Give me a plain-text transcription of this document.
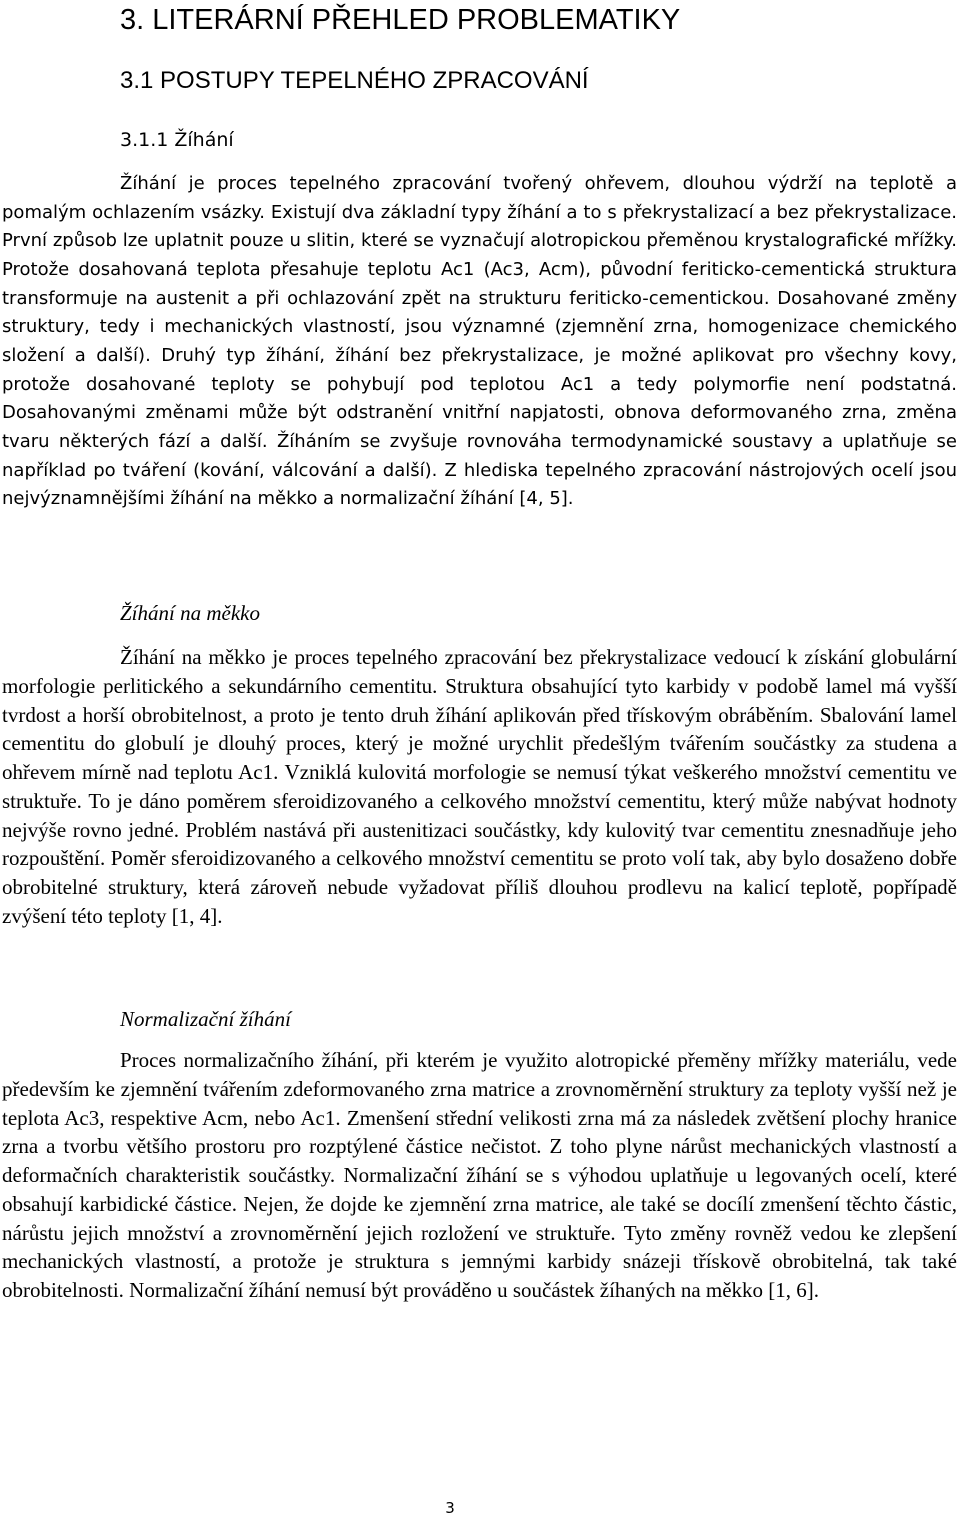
3. LITERÁRNÍ PŘEHLED PROBLEMATIKY
3.1 POSTUPY TEPELNÉHO ZPRACOVÁNÍ
3.1.1 Žíhání

Žíhání je proces tepelného zpracování tvořený ohřevem, dlouhou výdrží na teplotě a pomalým ochlazením vsázky. Existují dva základní typy žíhání a to s překrystalizací a bez překrystalizace. První způsob lze uplatnit pouze u slitin, které se vyznačují alotropickou přeměnou krystalografické mřížky. Protože dosahovaná teplota přesahuje teplotu Ac1 (Ac3, Acm), původní feriticko-cementická struktura transformuje na austenit a při ochlazování zpět na strukturu feriticko-cementickou. Dosahované změny struktury, tedy i mechanických vlastností, jsou významné (zjemnění zrna, homogenizace chemického složení a další). Druhý typ žíhání, žíhání bez překrystalizace, je možné aplikovat pro všechny kovy, protože dosahované teploty se pohybují pod teplotou Ac1 a tedy polymorfie není podstatná. Dosahovanými změnami může být odstranění vnitřní napjatosti, obnova deformovaného zrna, změna tvaru některých fází a další. Žíháním se zvyšuje rovnováha termodynamické soustavy a uplatňuje se například po tváření (kování, válcování a další). Z hlediska tepelného zpracování nástrojových ocelí jsou nejvýznamnějšími žíhání na měkko a normalizační žíhání [4, 5].

Žíhání na měkko

Žíhání na měkko je proces tepelného zpracování bez překrystalizace vedoucí k získání globulární morfologie perlitického a sekundárního cementitu. Struktura obsahující tyto karbidy v podobě lamel má vyšší tvrdost a horší obrobitelnost, a proto je tento druh žíhání aplikován před třískovým obráběním. Sbalování lamel cementitu do globulí je dlouhý proces, který je možné urychlit předešlým tvářením součástky za studena a ohřevem mírně nad teplotu Ac1. Vzniklá kulovitá morfologie se nemusí týkat veškerého množství cementitu ve struktuře. To je dáno poměrem sferoidizovaného a celkového množství cementitu, který může nabývat hodnoty nejvýše rovno jedné. Problém nastává při austenitizaci součástky, kdy kulovitý tvar cementitu znesnadňuje jeho rozpouštění. Poměr sferoidizovaného a celkového množství cementitu se proto volí tak, aby bylo dosaženo dobře obrobitelné struktury, která zároveň nebude vyžadovat příliš dlouhou prodlevu na kalicí teplotě, popřípadě zvýšení této teploty [1, 4].

Normalizační žíhání

Proces normalizačního žíhání, při kterém je využito alotropické přeměny mřížky materiálu, vede především ke zjemnění tvářením zdeformovaného zrna matrice a zrovnoměrnění struktury za teploty vyšší než je teplota Ac3, respektive Acm, nebo Ac1. Zmenšení střední velikosti zrna má za následek zvětšení plochy hranice zrna a tvorbu většího prostoru pro rozptýlené částice nečistot. Z toho plyne nárůst mechanických vlastností a deformačních charakteristik součástky. Normalizační žíhání se s výhodou uplatňuje u legovaných ocelí, které obsahují karbidické částice. Nejen, že dojde ke zjemnění zrna matrice, ale také se docílí zmenšení těchto částic, nárůstu jejich množství a zrovnoměrnění jejich rozložení ve struktuře. Tyto změny rovněž vedou ke zlepšení mechanických vlastností, a protože je struktura s jemnými karbidy snázeji třískově obrobitelná, tak také obrobitelnosti. Normalizační žíhání nemusí být prováděno u součástek žíhaných na měkko [1, 6].

3
